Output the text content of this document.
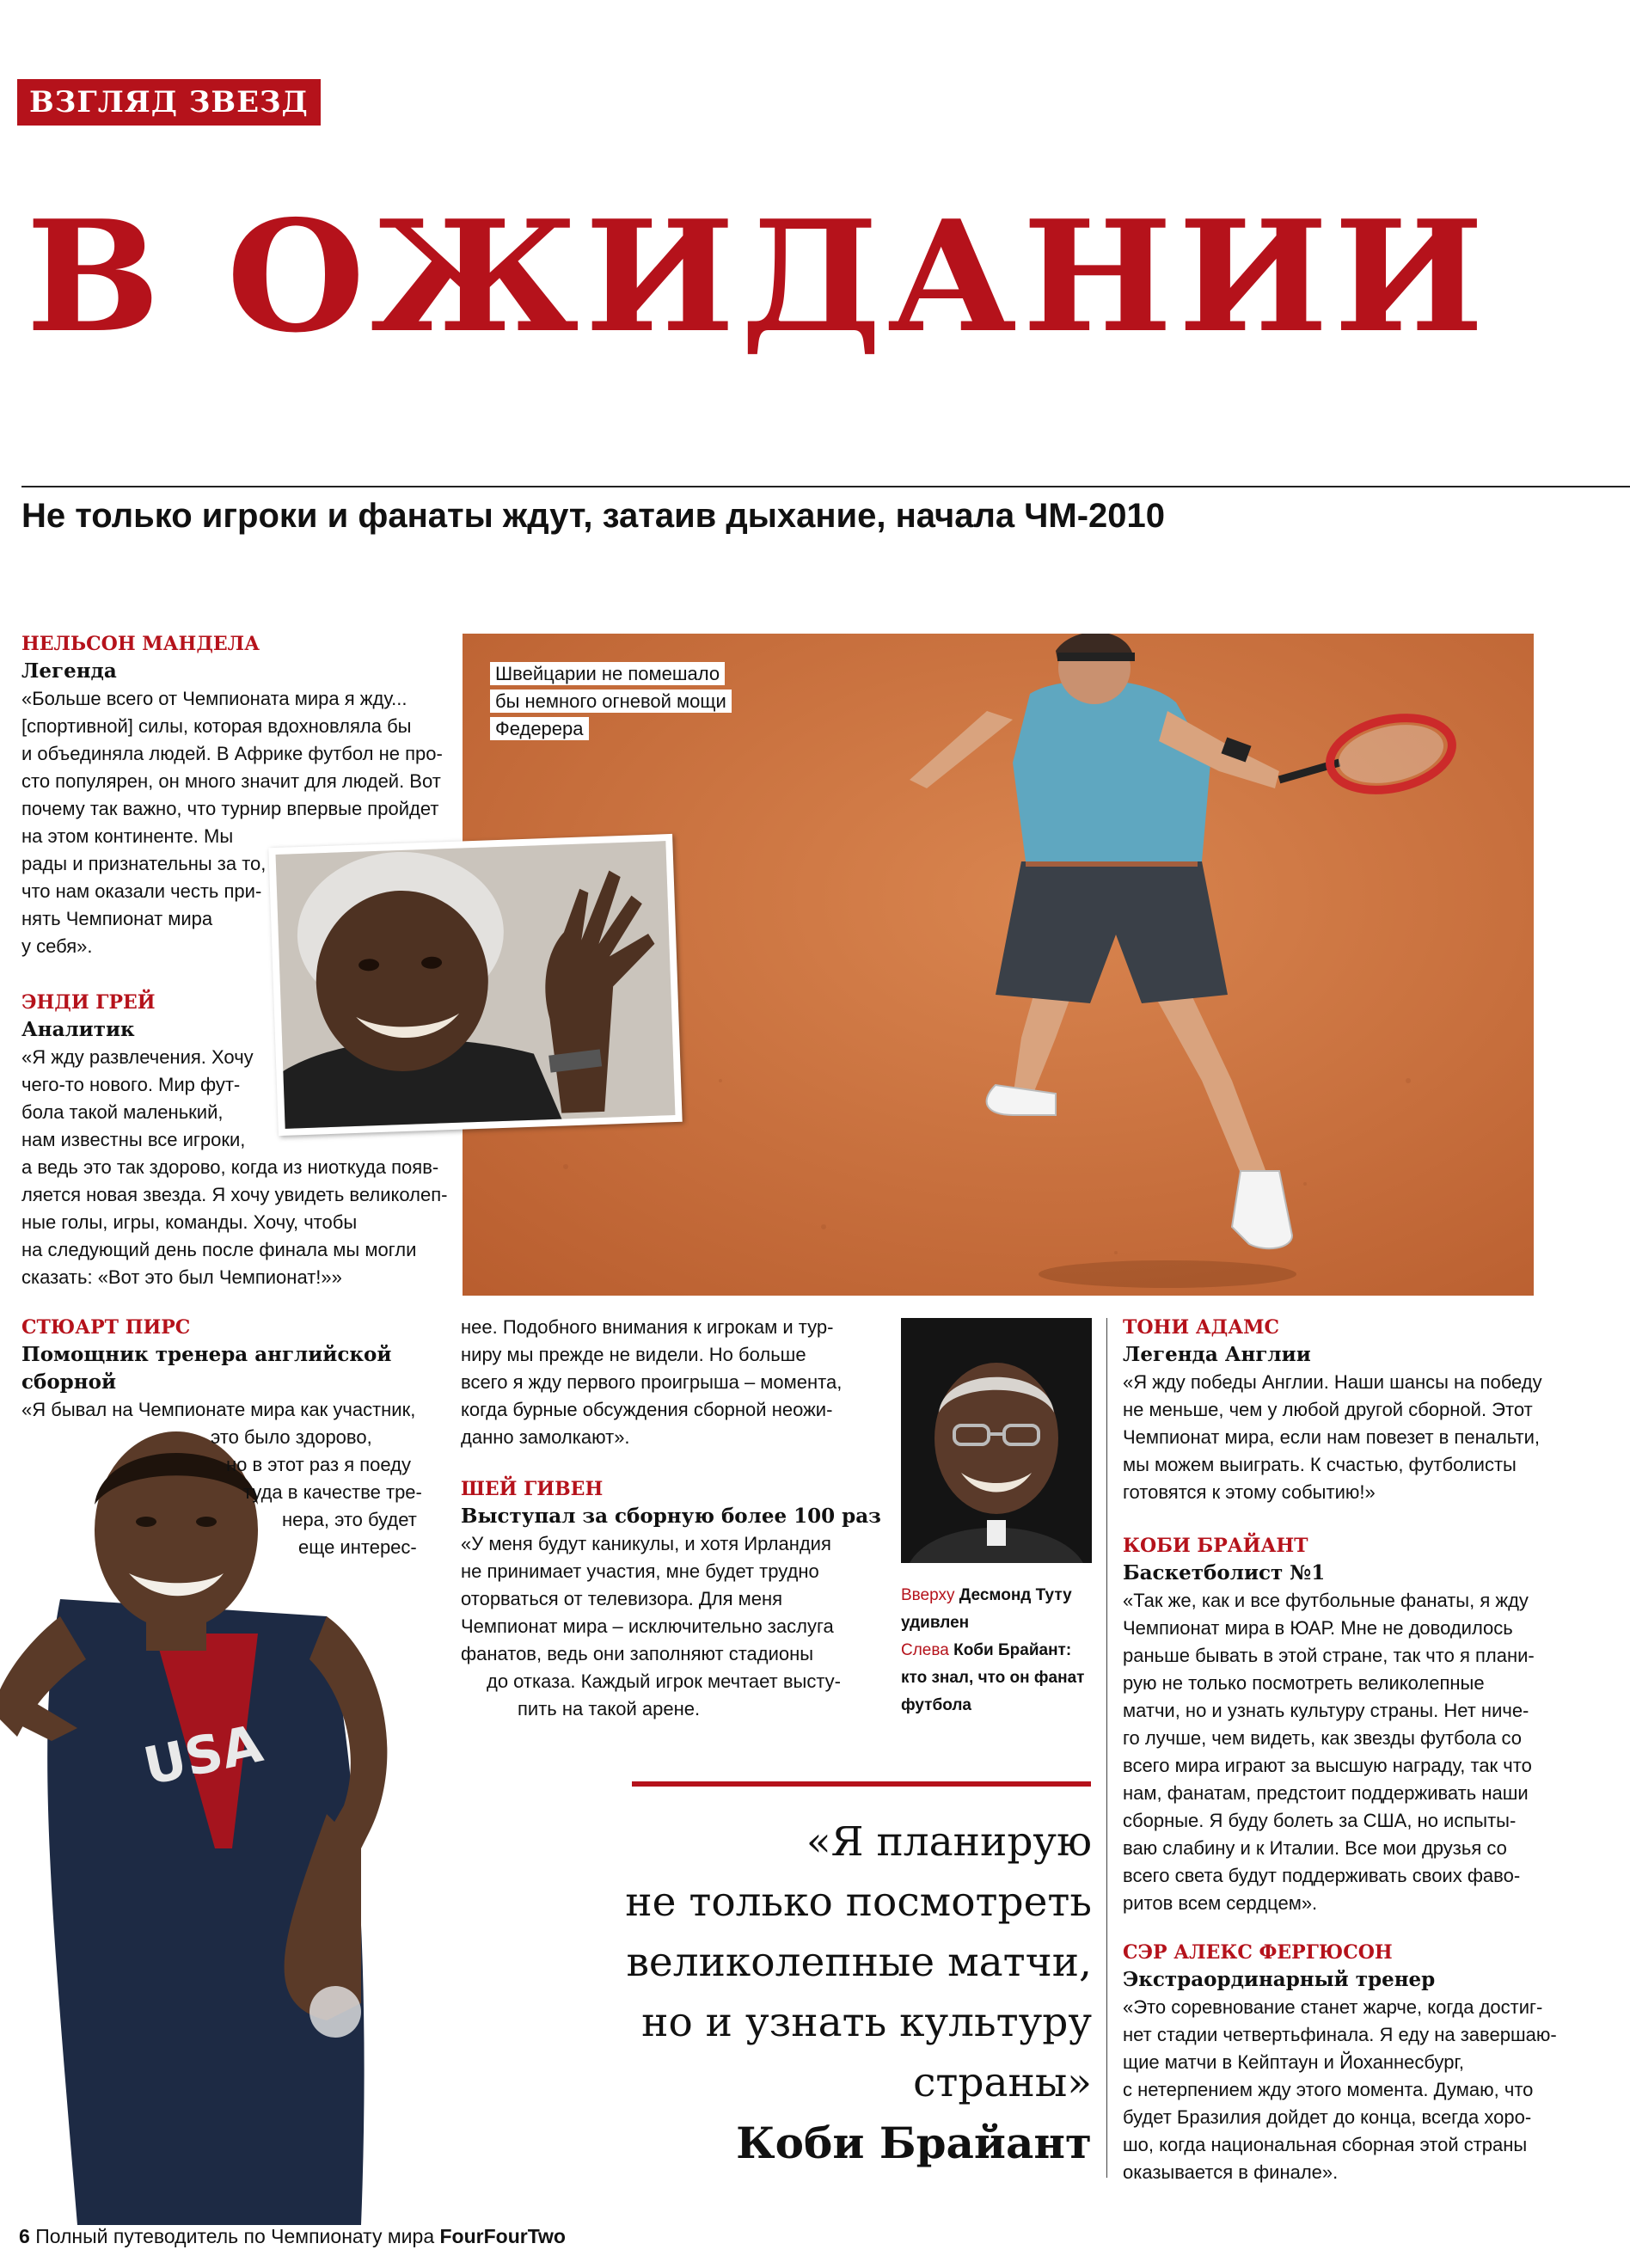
ВЗГЛЯД ЗВЕЗД
В ОЖИДАНИИ
Не только игроки и фанаты ждут, затаив дыхание, начала ЧМ-2010
Швейцарии не помешало
бы немного огневой мощи
Федерера
Вверху Десмонд Туту удивлен
Слева Коби Брайант: кто знал, что он фанат футбола
USA
НЕЛЬСОН МАНДЕЛА
Легенда
«Больше всего от Чемпионата мира я жду...
[спортивной] силы, которая вдохновляла бы
и объединяла людей. В Африке футбол не про-
сто популярен, он много значит для людей. Вот
почему так важно, что турнир впервые пройдет
на этом континенте. Мы
рады и признательны за то,
что нам оказали честь при-
нять Чемпионат мира
у себя».
ЭНДИ ГРЕЙ
Аналитик
«Я жду развлечения. Хочу
чего-то нового. Мир фут-
бола такой маленький,
нам известны все игроки,
а ведь это так здорово, когда из ниоткуда появ-
ляется новая звезда. Я хочу увидеть великолеп-
ные голы, игры, команды. Хочу, чтобы
на следующий день после финала мы могли
сказать: «Вот это был Чемпионат!»»
СТЮАРТ ПИРС
Помощник тренера английской сборной
«Я бывал на Чемпионате мира как участник,
это было здорово,
но в этот раз я поеду
туда в качестве тре-
нера, это будет
еще интерес-
нее. Подобного внимания к игрокам и тур-
ниру мы прежде не видели. Но больше
всего я жду первого проигрыша – момента,
когда бурные обсуждения сборной неожи-
данно замолкают».
ШЕЙ ГИВЕН
Выступал за сборную более 100 раз
«У меня будут каникулы, и хотя Ирландия
не принимает участия, мне будет трудно
оторваться от телевизора. Для меня
Чемпионат мира – исключительно заслуга
фанатов, ведь они заполняют стадионы
до отказа. Каждый игрок мечтает высту-
пить на такой арене.
ТОНИ АДАМС
Легенда Англии
«Я жду победы Англии. Наши шансы на победу
не меньше, чем у любой другой сборной. Этот
Чемпионат мира, если нам повезет в пенальти,
мы можем выиграть. К счастью, футболисты
готовятся к этому событию!»
КОБИ БРАЙАНТ
Баскетболист №1
«Так же, как и все футбольные фанаты, я жду
Чемпионат мира в ЮАР. Мне не доводилось
раньше бывать в этой стране, так что я плани-
рую не только посмотреть великолепные
матчи, но и узнать культуру страны. Нет ниче-
го лучше, чем видеть, как звезды футбола со
всего мира играют за высшую награду, так что
нам, фанатам, предстоит поддерживать наши
сборные. Я буду болеть за США, но испыты-
ваю слабину и к Италии. Все мои друзья со
всего света будут поддерживать своих фаво-
ритов всем сердцем».
СЭР АЛЕКС ФЕРГЮСОН
Экстраординарный тренер
«Это соревнование станет жарче, когда достиг-
нет стадии четвертьфинала. Я еду на завершаю-
щие матчи в Кейптаун и Йоханнесбург,
с нетерпением жду этого момента. Думаю, что
будет Бразилия дойдет до конца, всегда хоро-
шо, когда национальная сборная этой страны
оказывается в финале».
«Я планирую
не только посмотреть
великолепные матчи,
но и узнать культуру
страны»
Коби Брайант
6 Полный путеводитель по Чемпионату мира FourFourTwo
